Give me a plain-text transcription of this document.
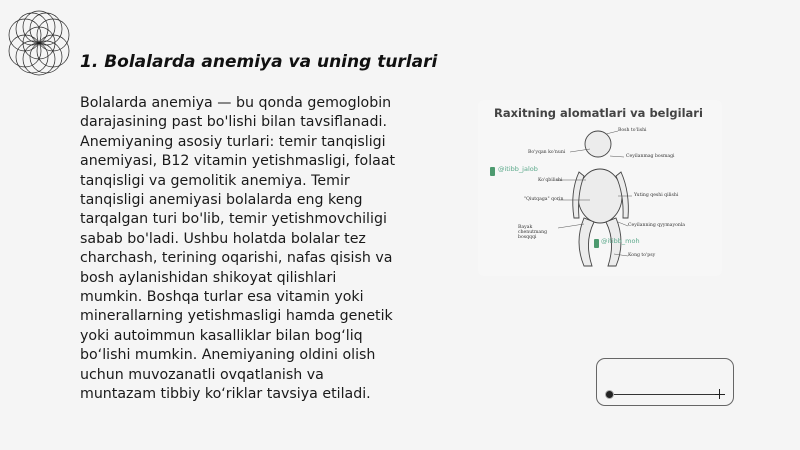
1. Bolalarda anemiya va uning turlari
Bolalarda anemiya — bu qonda gemoglobin
darajasining past bo'lishi bilan tavsiflanadi.
Anemiyaning asosiy turlari: temir tanqisligi
anemiyasi, B12 vitamin yetishmasligi, folaat
tanqisligi va gemolitik anemiya. Temir
tanqisligi anemiyasi bolalarda eng keng
tarqalgan turi bo'lib, temir yetishmovchiligi
sabab bo'ladi. Ushbu holatda bolalar tez
charchash, terining oqarishi, nafas qisish va
bosh aylanishidan shikoyat qilishlari
mumkin. Boshqa turlar esa vitamin yoki
minerallarning yetishmasligi hamda genetik
yoki autoimmun kasalliklar bilan bog‘liq
bo‘lishi mumkin. Anemiyaning oldini olish
uchun muvozanatli ovqatlanish va
muntazam tibbiy ko‘riklar tavsiya etiladi.
Raxitning alomatlari va belgilari
Bosh to'lishi
Bo'yqan ko'nuni
Ceyilanmag bosmagi
Ko'qbilishi
Yuting qeshi qilishi
"Qiutqaga" qorin
Ceyilanning qyymayonla
Bayak chenutmang bosqqqi
Kong to'psy
@itibb_jalob
@itibb_moh
